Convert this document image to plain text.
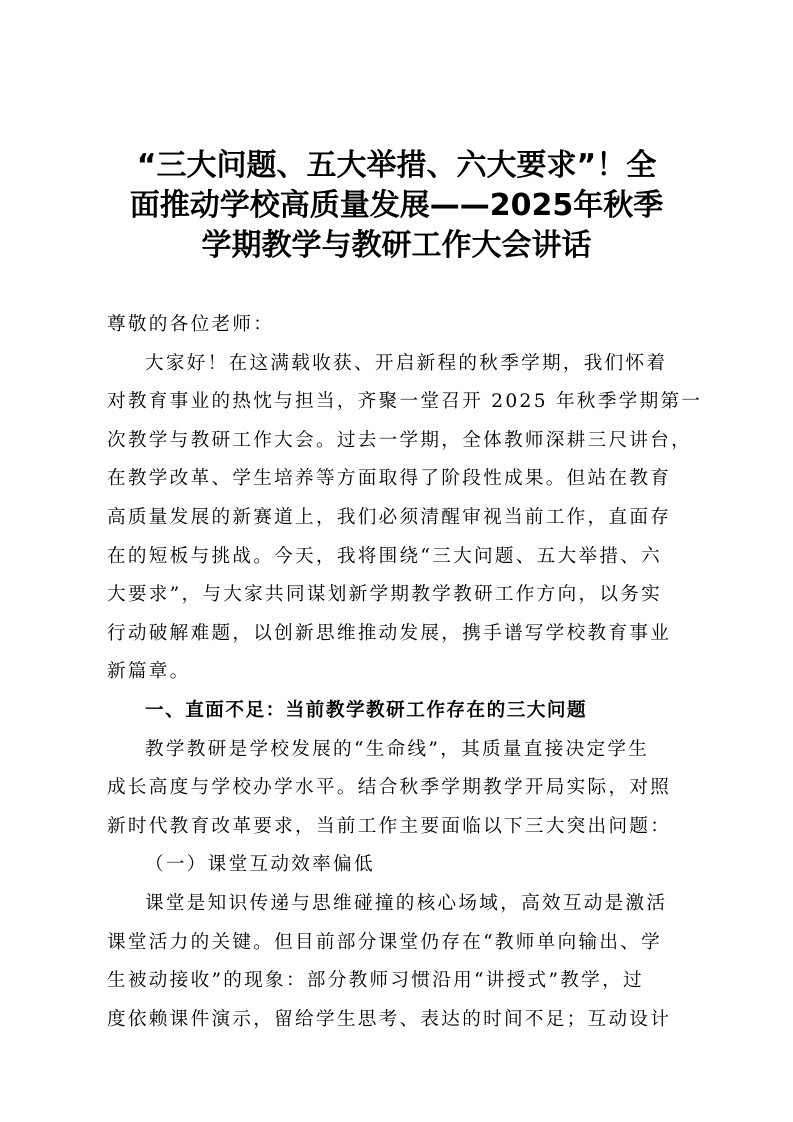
“三大问题、五大举措、六大要求”！全
面推动学校高质量发展——2025年秋季
学期教学与教研工作大会讲话

尊敬的各位老师：

大家好！在这满载收获、开启新程的秋季学期，我们怀着
对教育事业的热忱与担当，齐聚一堂召开 2025 年秋季学期第一
次教学与教研工作大会。过去一学期，全体教师深耕三尺讲台，
在教学改革、学生培养等方面取得了阶段性成果。但站在教育
高质量发展的新赛道上，我们必须清醒审视当前工作，直面存
在的短板与挑战。今天，我将围绕“三大问题、五大举措、六
大要求”，与大家共同谋划新学期教学教研工作方向，以务实
行动破解难题，以创新思维推动发展，携手谱写学校教育事业
新篇章。

一、直面不足：当前教学教研工作存在的三大问题

教学教研是学校发展的“生命线”，其质量直接决定学生
成长高度与学校办学水平。结合秋季学期教学开局实际，对照
新时代教育改革要求，当前工作主要面临以下三大突出问题：

（一）课堂互动效率偏低

课堂是知识传递与思维碰撞的核心场域，高效互动是激活
课堂活力的关键。但目前部分课堂仍存在“教师单向输出、学
生被动接收”的现象：部分教师习惯沿用“讲授式”教学，过
度依赖课件演示，留给学生思考、表达的时间不足；互动设计
